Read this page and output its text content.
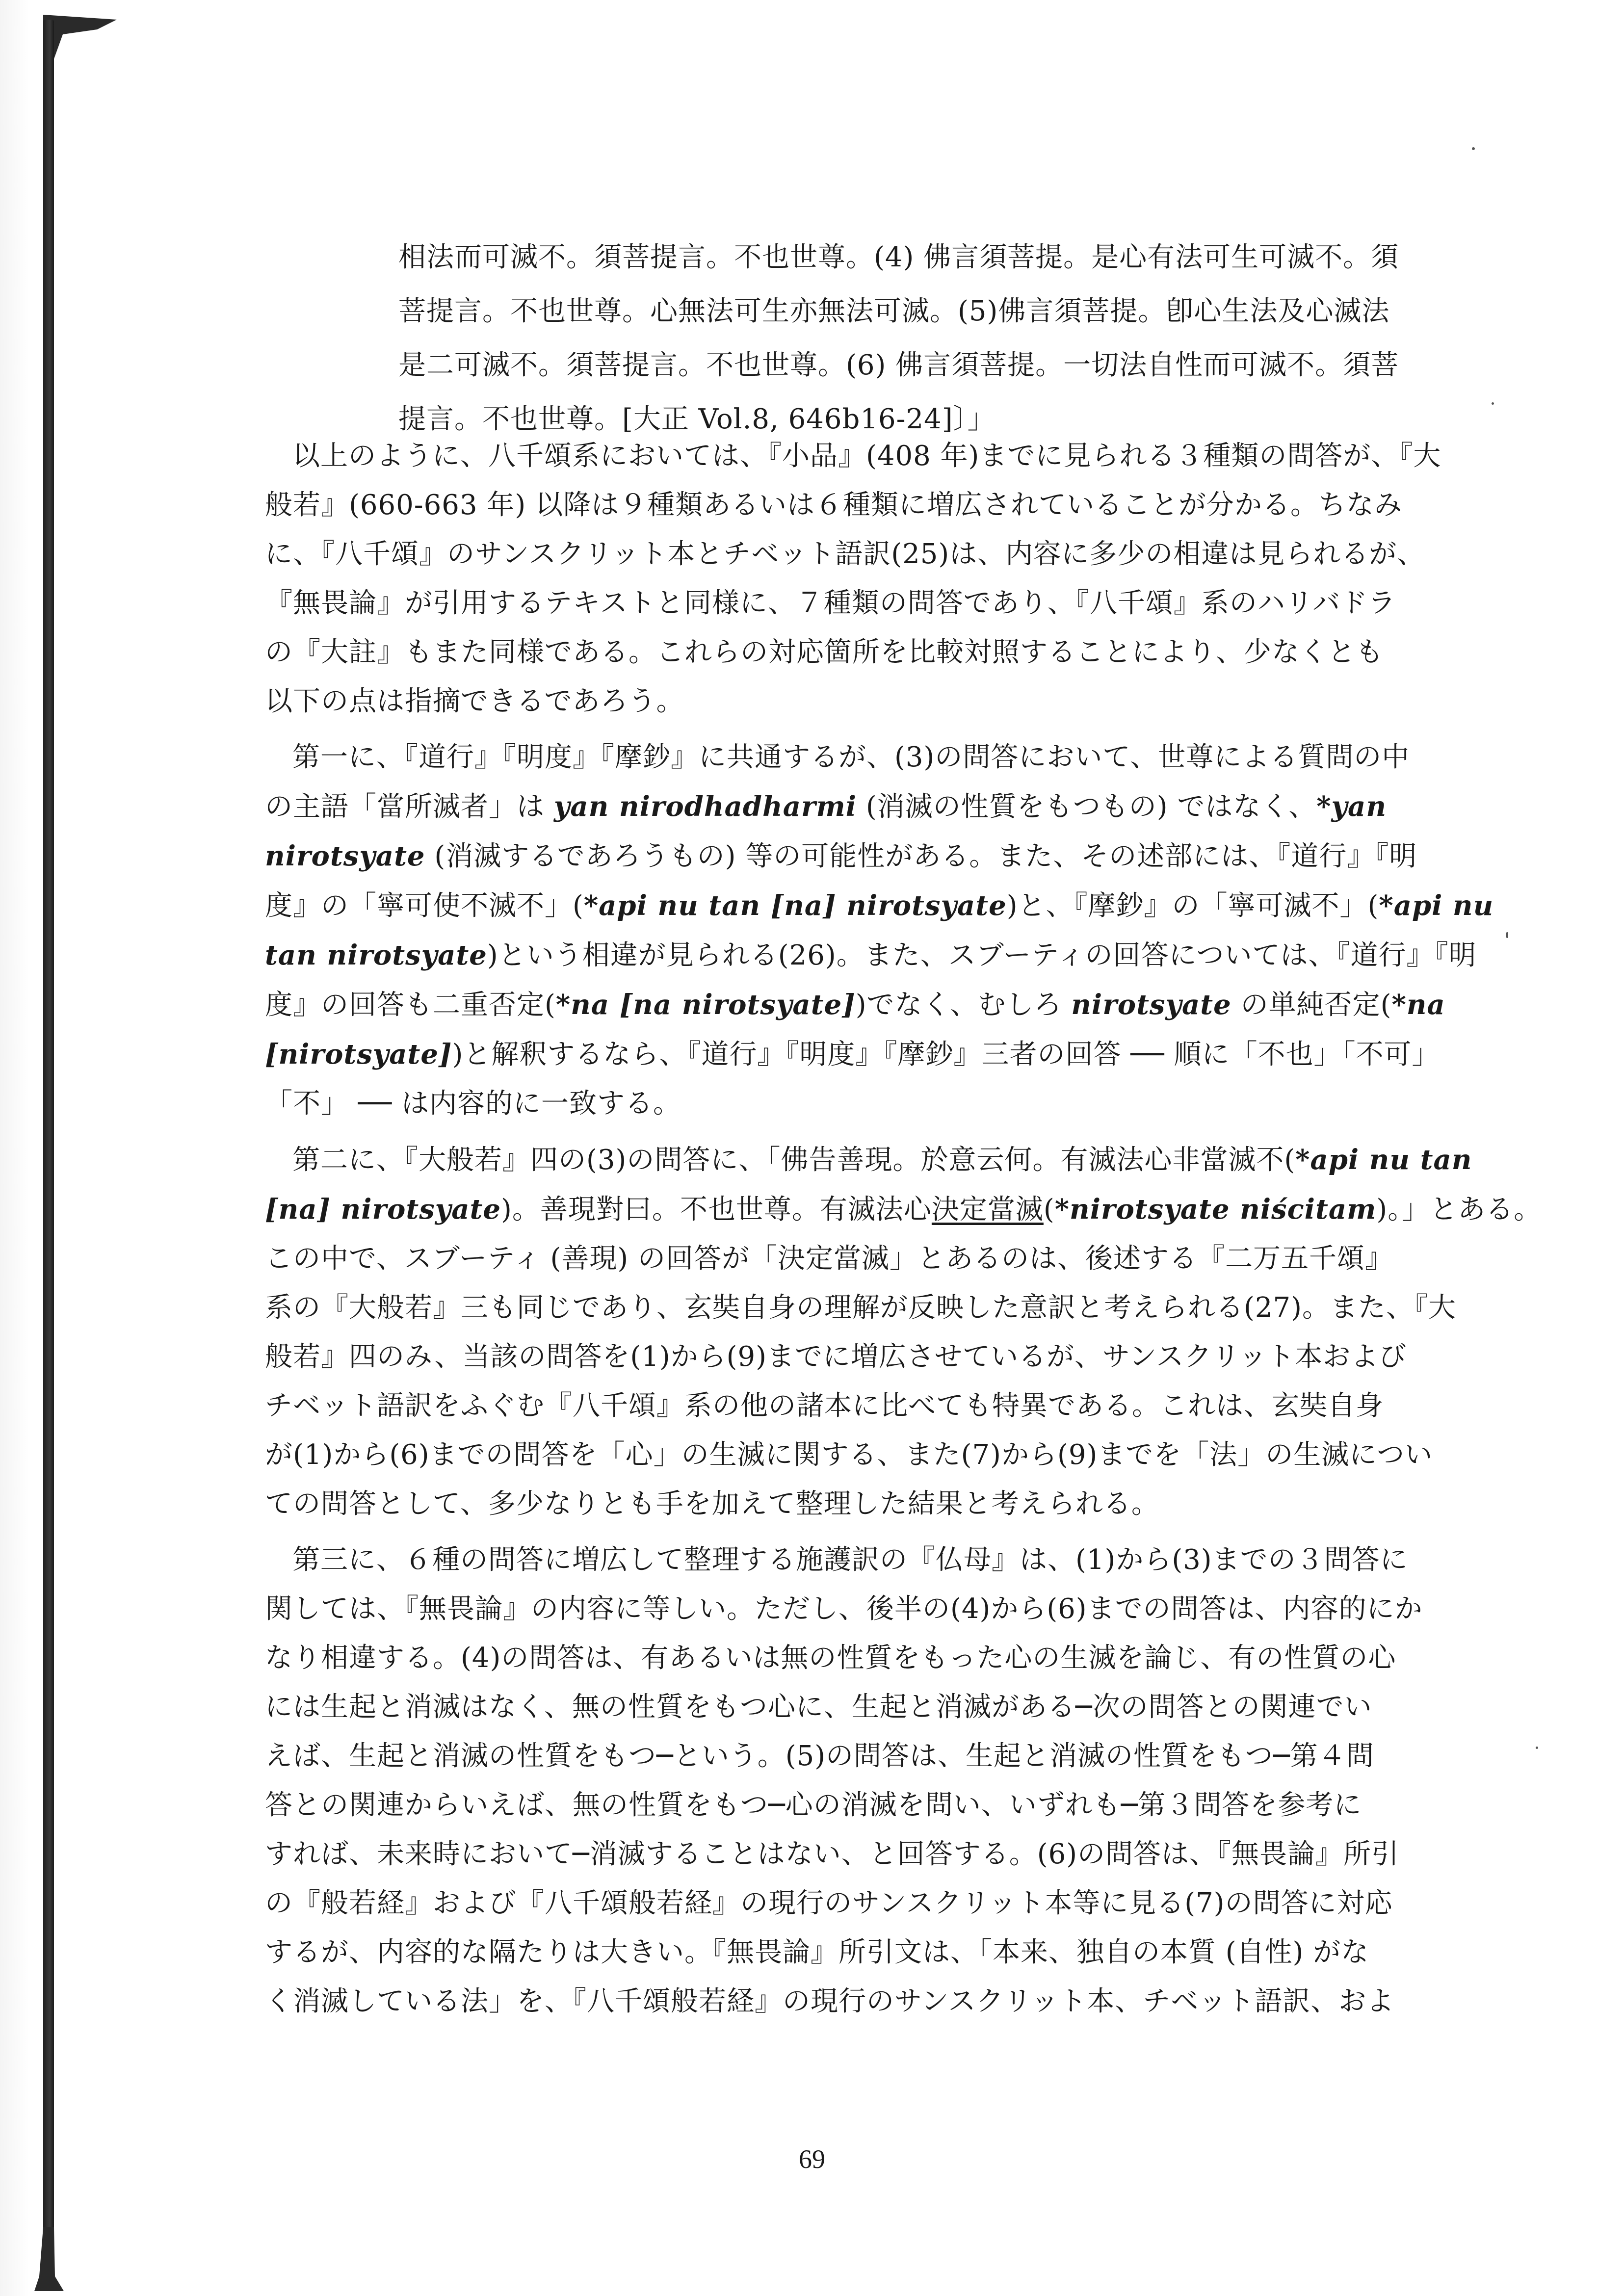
相法而可滅不。須菩提言。不也世尊。(4) 佛言須菩提。是心有法可生可滅不。須
菩提言。不也世尊。心無法可生亦無法可滅。(5)佛言須菩提。卽心生法及心滅法
是二可滅不。須菩提言。不也世尊。(6) 佛言須菩提。一切法自性而可滅不。須菩
提言。不也世尊。[大正 Vol.8, 646b16-24]〕」
以上のように、八千頌系においては、『小品』(408 年)までに見られる３種類の問答が、『大
般若』(660-663 年) 以降は９種類あるいは６種類に増広されていることが分かる。ちなみ
に、『八千頌』のサンスクリット本とチベット語訳(25)は、内容に多少の相違は見られるが、
『無畏論』が引用するテキストと同様に、７種類の問答であり、『八千頌』系のハリバドラ
の『大註』もまた同様である。これらの対応箇所を比較対照することにより、少なくとも
以下の点は指摘できるであろう。
第一に、『道行』『明度』『摩鈔』に共通するが、(3)の問答において、世尊による質問の中
の主語「當所滅者」は yan nirodhadharmi (消滅の性質をもつもの) ではなく、*yan
nirotsyate (消滅するであろうもの) 等の可能性がある。また、その述部には、『道行』『明
度』の「寧可使不滅不」(*api nu tan [na] nirotsyate)と、『摩鈔』の「寧可滅不」(*api nu
tan nirotsyate)という相違が見られる(26)。また、スブーティの回答については、『道行』『明
度』の回答も二重否定(*na [na nirotsyate])でなく、むしろ nirotsyate の単純否定(*na
[nirotsyate])と解釈するなら、『道行』『明度』『摩鈔』三者の回答 ── 順に「不也」「不可」
「不」 ── は内容的に一致する。
第二に、『大般若』四の(3)の問答に、「佛告善現。於意云何。有滅法心非當滅不(*api nu tan
[na] nirotsyate)。善現對曰。不也世尊。有滅法心決定當滅(*nirotsyate niścitam)。」とある。
この中で、スブーティ (善現) の回答が「決定當滅」とあるのは、後述する『二万五千頌』
系の『大般若』三も同じであり、玄奘自身の理解が反映した意訳と考えられる(27)。また、『大
般若』四のみ、当該の問答を(1)から(9)までに増広させているが、サンスクリット本および
チベット語訳をふぐむ『八千頌』系の他の諸本に比べても特異である。これは、玄奘自身
が(1)から(6)までの問答を「心」の生滅に関する、また(7)から(9)までを「法」の生滅につい
ての問答として、多少なりとも手を加えて整理した結果と考えられる。
第三に、６種の問答に増広して整理する施護訳の『仏母』は、(1)から(3)までの３問答に
関しては、『無畏論』の内容に等しい。ただし、後半の(4)から(6)までの問答は、内容的にか
なり相違する。(4)の問答は、有あるいは無の性質をもった心の生滅を論じ、有の性質の心
には生起と消滅はなく、無の性質をもつ心に、生起と消滅がある─次の問答との関連でい
えば、生起と消滅の性質をもつ─という。(5)の問答は、生起と消滅の性質をもつ─第４問
答との関連からいえば、無の性質をもつ─心の消滅を問い、いずれも─第３問答を参考に
すれば、未来時において─消滅することはない、と回答する。(6)の問答は、『無畏論』所引
の『般若経』および『八千頌般若経』の現行のサンスクリット本等に見る(7)の問答に対応
するが、内容的な隔たりは大きい。『無畏論』所引文は、「本来、独自の本質 (自性) がな
く消滅している法」を、『八千頌般若経』の現行のサンスクリット本、チベット語訳、およ
69
